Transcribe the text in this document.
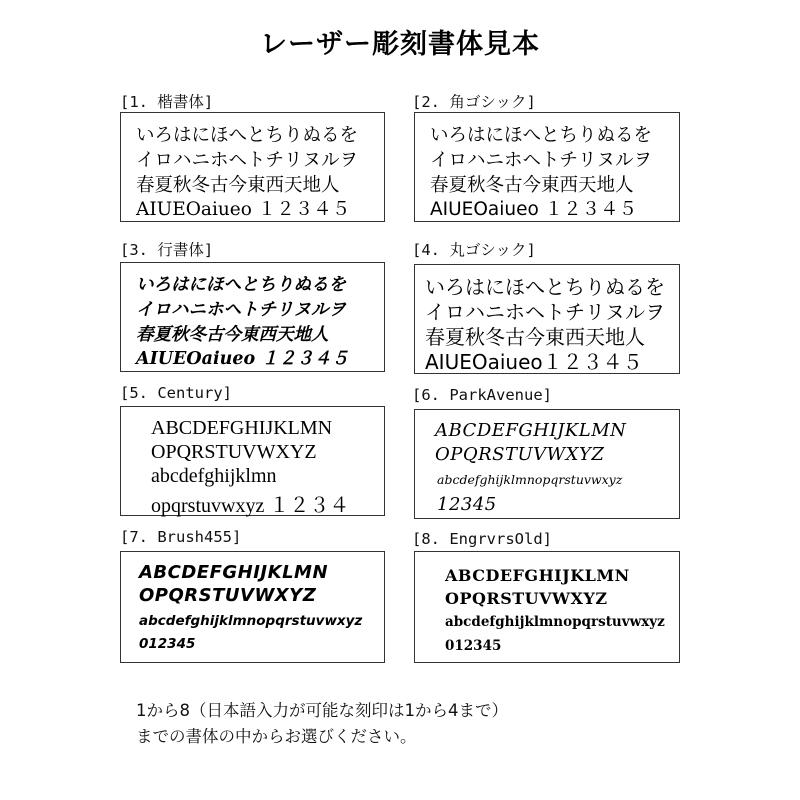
レーザー彫刻書体見本
[1. 楷書体]
いろはにほへとちりぬるを
イロハニホヘトチリヌルヲ
春夏秋冬古今東西天地人
AIUEOaiueo １２３４５
[2. 角ゴシック]
いろはにほへとちりぬるを
イロハニホヘトチリヌルヲ
春夏秋冬古今東西天地人
AIUEOaiueo １２３４５
[3. 行書体]
いろはにほへとちりぬるを
イロハニホヘトチリヌルヲ
春夏秋冬古今東西天地人
AIUEOaiueo １２３４５
[4. 丸ゴシック]
いろはにほへとちりぬるを
イロハニホヘトチリヌルヲ
春夏秋冬古今東西天地人
AIUEOaiueo１２３４５
[5. Century]
ABCDEFGHIJKLMN
OPQRSTUVWXYZ
abcdefghijklmn
opqrstuvwxyz １２３４
[6. ParkAvenue]
ABCDEFGHIJKLMN
OPQRSTUVWXYZ
abcdefghijklmnopqrstuvwxyz
12345
[7. Brush455]
ABCDEFGHIJKLMN
OPQRSTUVWXYZ
abcdefghijklmnopqrstuvwxyz
012345
[8. EngrvrsOld]
ABCDEFGHIJKLMN
OPQRSTUVWXYZ
abcdefghijklmnopqrstuvwxyz
012345
1から8（日本語入力が可能な刻印は1から4まで）
までの書体の中からお選びください。
